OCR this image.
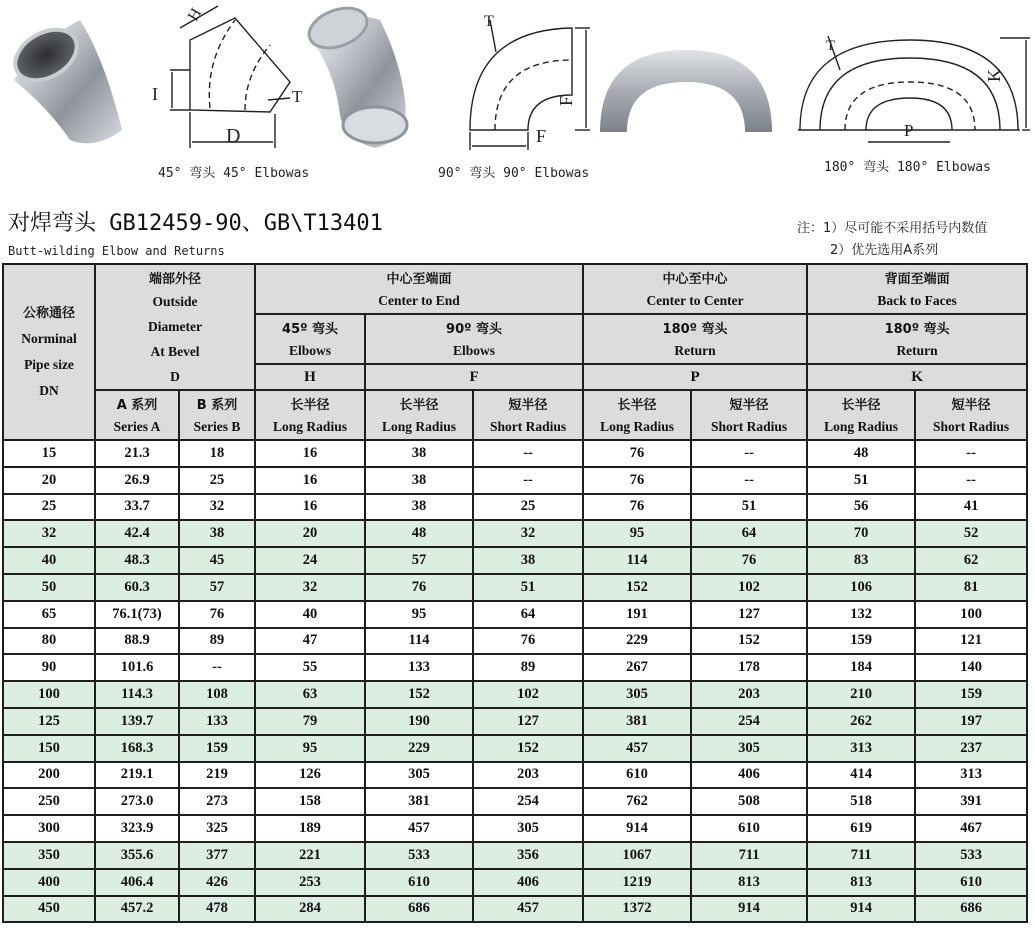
H
I
D
T
T
F
F
T
K
P
45° 弯头 45° Elbowas	90° 弯头 90° Elbowas	180° 弯头 180° Elbowas
对焊弯头 GB12459-90、GB\T13401
Butt-wilding Elbow and Returns
注：1）尽可能不采用括号内数值
2）优先选用A系列
公称通径
Norminal
Pipe size
DN	端部外径		中心至端面			中心至中心		背面至端面	
	Outside		Center to End			Center to Center		Back to Faces	
	Diameter		45º 弯头	90º 弯头		180º 弯头		180º 弯头	
	At Bevel		Elbows	Elbows		Return		Return	
	D		H	F		P		K	
	A 系列	B 系列	长半径	长半径	短半径	长半径	短半径	长半径	短半径
	Series A	Series B	Long Radius	Long Radius	Short Radius	Long Radius	Short Radius	Long Radius	Short Radius
15	21.3	18	16	38	--	76	--	48	--
20	26.9	25	16	38	--	76	--	51	--
25	33.7	32	16	38	25	76	51	56	41
32	42.4	38	20	48	32	95	64	70	52
40	48.3	45	24	57	38	114	76	83	62
50	60.3	57	32	76	51	152	102	106	81
65	76.1(73)	76	40	95	64	191	127	132	100
80	88.9	89	47	114	76	229	152	159	121
90	101.6	--	55	133	89	267	178	184	140
100	114.3	108	63	152	102	305	203	210	159
125	139.7	133	79	190	127	381	254	262	197
150	168.3	159	95	229	152	457	305	313	237
200	219.1	219	126	305	203	610	406	414	313
250	273.0	273	158	381	254	762	508	518	391
300	323.9	325	189	457	305	914	610	619	467
350	355.6	377	221	533	356	1067	711	711	533
400	406.4	426	253	610	406	1219	813	813	610
450	457.2	478	284	686	457	1372	914	914	686
